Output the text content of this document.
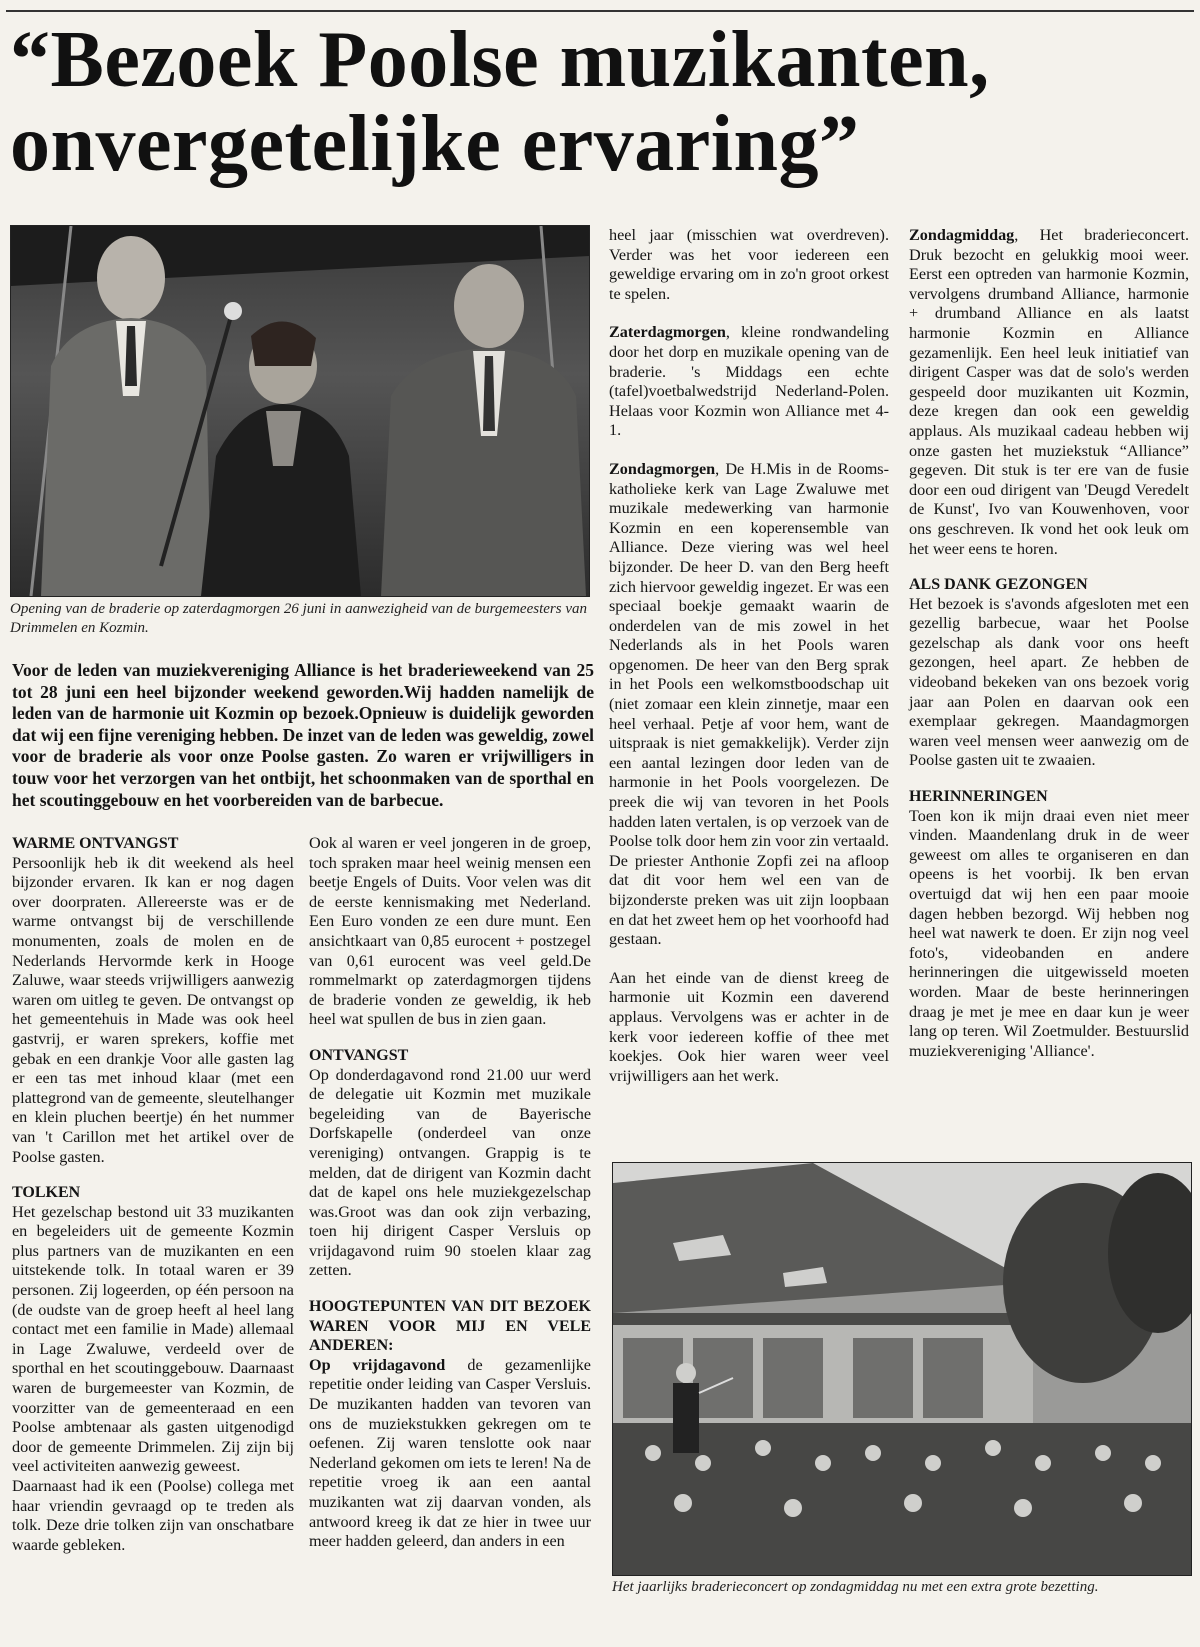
“Bezoek Poolse muzikanten, onvergetelijke ervaring”
Opening van de braderie op zaterdagmorgen 26 juni in aanwezigheid van de burgemeesters van Drimmelen en Kozmin.

Voor de leden van muziekvereniging Alliance is het braderieweekend van 25 tot 28 juni een heel bijzonder weekend geworden.Wij hadden namelijk de leden van de harmonie uit Kozmin op bezoek.Opnieuw is duidelijk geworden dat wij een fijne vereniging hebben. De inzet van de leden was geweldig, zowel voor de braderie als voor onze Poolse gasten. Zo waren er vrijwilligers in touw voor het verzorgen van het ontbijt, het schoonmaken van de sporthal en het scoutinggebouw en het voorbereiden van de barbecue.

WARME ONTVANGST

Persoonlijk heb ik dit weekend als heel bijzonder ervaren. Ik kan er nog dagen over doorpraten. Allereerste was er de warme ontvangst bij de verschillende monumenten, zoals de molen en de Nederlands Hervormde kerk in Hooge Zaluwe, waar steeds vrijwilligers aanwezig waren om uitleg te geven. De ontvangst op het gemeentehuis in Made was ook heel gastvrij, er waren sprekers, koffie met gebak en een drankje Voor alle gasten lag er een tas met inhoud klaar (met een plattegrond van de gemeente, sleutelhanger en klein pluchen beertje) én het nummer van 't Carillon met het artikel over de Poolse gasten.

TOLKEN

Het gezelschap bestond uit 33 muzikanten en begeleiders uit de gemeente Kozmin plus partners van de muzikanten en een uitstekende tolk. In totaal waren er 39 personen. Zij logeerden, op één persoon na (de oudste van de groep heeft al heel lang contact met een familie in Made) allemaal in Lage Zwaluwe, verdeeld over de sporthal en het scoutinggebouw. Daarnaast waren de burgemeester van Kozmin, de voorzitter van de gemeenteraad en een Poolse ambtenaar als gasten uitgenodigd door de gemeente Drimmelen. Zij zijn bij veel activiteiten aanwezig geweest.

Daarnaast had ik een (Poolse) collega met haar vriendin gevraagd op te treden als tolk. Deze drie tolken zijn van onschatbare waarde gebleken.

Ook al waren er veel jongeren in de groep, toch spraken maar heel weinig mensen een beetje Engels of Duits. Voor velen was dit de eerste kennismaking met Nederland. Een Euro vonden ze een dure munt. Een ansichtkaart van 0,85 eurocent + postzegel van 0,61 eurocent was veel geld.De rommelmarkt op zaterdagmorgen tijdens de braderie vonden ze geweldig, ik heb heel wat spullen de bus in zien gaan.

ONTVANGST

Op donderdagavond rond 21.00 uur werd de delegatie uit Kozmin met muzikale begeleiding van de Bayerische Dorfskapelle (onderdeel van onze vereniging) ontvangen. Grappig is te melden, dat de dirigent van Kozmin dacht dat de kapel ons hele muziekgezelschap was.Groot was dan ook zijn verbazing, toen hij dirigent Casper Versluis op vrijdagavond ruim 90 stoelen klaar zag zetten.

HOOGTEPUNTEN VAN DIT BEZOEK WAREN VOOR MIJ EN VELE ANDEREN:

Op vrijdagavond de gezamenlijke repetitie onder leiding van Casper Versluis. De muzikanten hadden van tevoren van ons de muziekstukken gekregen om te oefenen. Zij waren tenslotte ook naar Nederland gekomen om iets te leren! Na de repetitie vroeg ik aan een aantal muzikanten wat zij daarvan vonden, als antwoord kreeg ik dat ze hier in twee uur meer hadden geleerd, dan anders in een

heel jaar (misschien wat overdreven). Verder was het voor iedereen een geweldige ervaring om in zo'n groot orkest te spelen.

Zaterdagmorgen, kleine rondwandeling door het dorp en muzikale opening van de braderie. 's Middags een echte (tafel)voetbalwedstrijd Nederland-Polen. Helaas voor Kozmin won Alliance met 4-1.

Zondagmorgen, De H.Mis in de Rooms-katholieke kerk van Lage Zwaluwe met muzikale medewerking van harmonie Kozmin en een koperensemble van Alliance. Deze viering was wel heel bijzonder. De heer D. van den Berg heeft zich hiervoor geweldig ingezet. Er was een speciaal boekje gemaakt waarin de onderdelen van de mis zowel in het Nederlands als in het Pools waren opgenomen. De heer van den Berg sprak in het Pools een welkomstboodschap uit (niet zomaar een klein zinnetje, maar een heel verhaal. Petje af voor hem, want de uitspraak is niet gemakkelijk). Verder zijn een aantal lezingen door leden van de harmonie in het Pools voorgelezen. De preek die wij van tevoren in het Pools hadden laten vertalen, is op verzoek van de Poolse tolk door hem zin voor zin vertaald. De priester Anthonie Zopfi zei na afloop dat dit voor hem wel een van de bijzonderste preken was uit zijn loopbaan en dat het zweet hem op het voorhoofd had gestaan.

Aan het einde van de dienst kreeg de harmonie uit Kozmin een daverend applaus. Vervolgens was er achter in de kerk voor iedereen koffie of thee met koekjes. Ook hier waren weer veel vrijwilligers aan het werk.

Zondagmiddag, Het braderieconcert. Druk bezocht en gelukkig mooi weer. Eerst een optreden van harmonie Kozmin, vervolgens drumband Alliance, harmonie + drumband Alliance en als laatst harmonie Kozmin en Alliance gezamenlijk. Een heel leuk initiatief van dirigent Casper was dat de solo's werden gespeeld door muzikanten uit Kozmin, deze kregen dan ook een geweldig applaus. Als muzikaal cadeau hebben wij onze gasten het muziekstuk “Alliance” gegeven. Dit stuk is ter ere van de fusie door een oud dirigent van 'Deugd Veredelt de Kunst', Ivo van Kouwenhoven, voor ons geschreven. Ik vond het ook leuk om het weer eens te horen.

ALS DANK GEZONGEN

Het bezoek is s'avonds afgesloten met een gezellig barbecue, waar het Poolse gezelschap als dank voor ons heeft gezongen, heel apart. Ze hebben de videoband bekeken van ons bezoek vorig jaar aan Polen en daarvan ook een exemplaar gekregen. Maandagmorgen waren veel mensen weer aanwezig om de Poolse gasten uit te zwaaien.

HERINNERINGEN

Toen kon ik mijn draai even niet meer vinden. Maandenlang druk in de weer geweest om alles te organiseren en dan opeens is het voorbij. Ik ben ervan overtuigd dat wij hen een paar mooie dagen hebben bezorgd. Wij hebben nog heel wat nawerk te doen. Er zijn nog veel foto's, videobanden en andere herinneringen die uitgewisseld moeten worden. Maar de beste herinneringen draag je met je mee en daar kun je weer lang op teren. Wil Zoetmulder. Bestuurslid muziekvereniging 'Alliance'.

Het jaarlijks braderieconcert op zondagmiddag nu met een extra grote bezetting.
